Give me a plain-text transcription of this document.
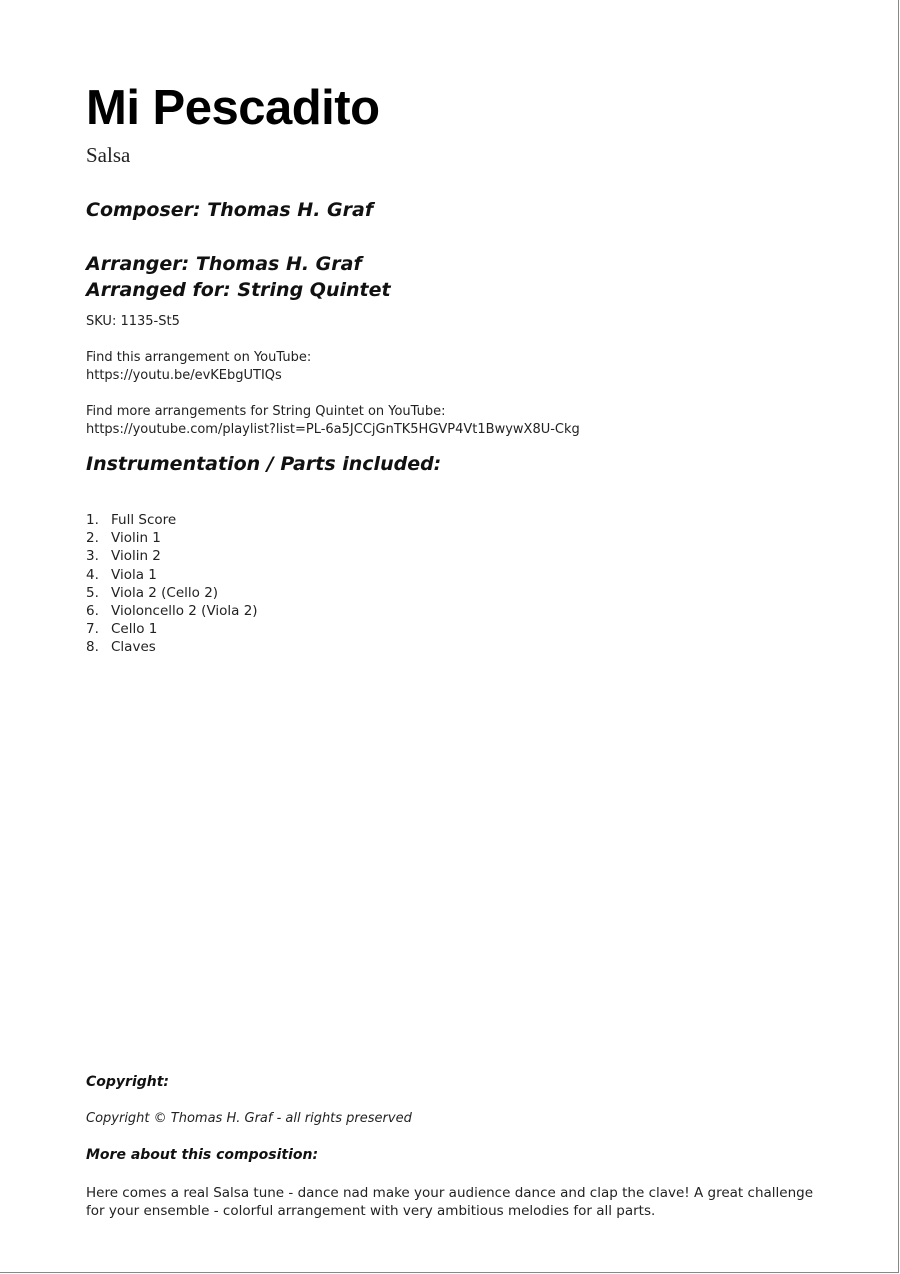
Mi Pescadito
Salsa
Composer: Thomas H. Graf
Arranger: Thomas H. Graf
Arranged for: String Quintet
SKU: 1135-St5
Find this arrangement on YouTube:
https://youtu.be/evKEbgUTIQs
Find more arrangements for String Quintet on YouTube:
https://youtube.com/playlist?list=PL-6a5JCCjGnTK5HGVP4Vt1BwywX8U-Ckg
Instrumentation / Parts included:
1. Full Score
2. Violin 1
3. Violin 2
4. Viola 1
5. Viola 2 (Cello 2)
6. Violoncello 2 (Viola 2)
7. Cello 1
8. Claves
Copyright:
Copyright © Thomas H. Graf - all rights preserved
More about this composition:
Here comes a real Salsa tune - dance nad make your audience dance and clap the clave! A great challenge for your ensemble - colorful arrangement with very ambitious melodies for all parts.
